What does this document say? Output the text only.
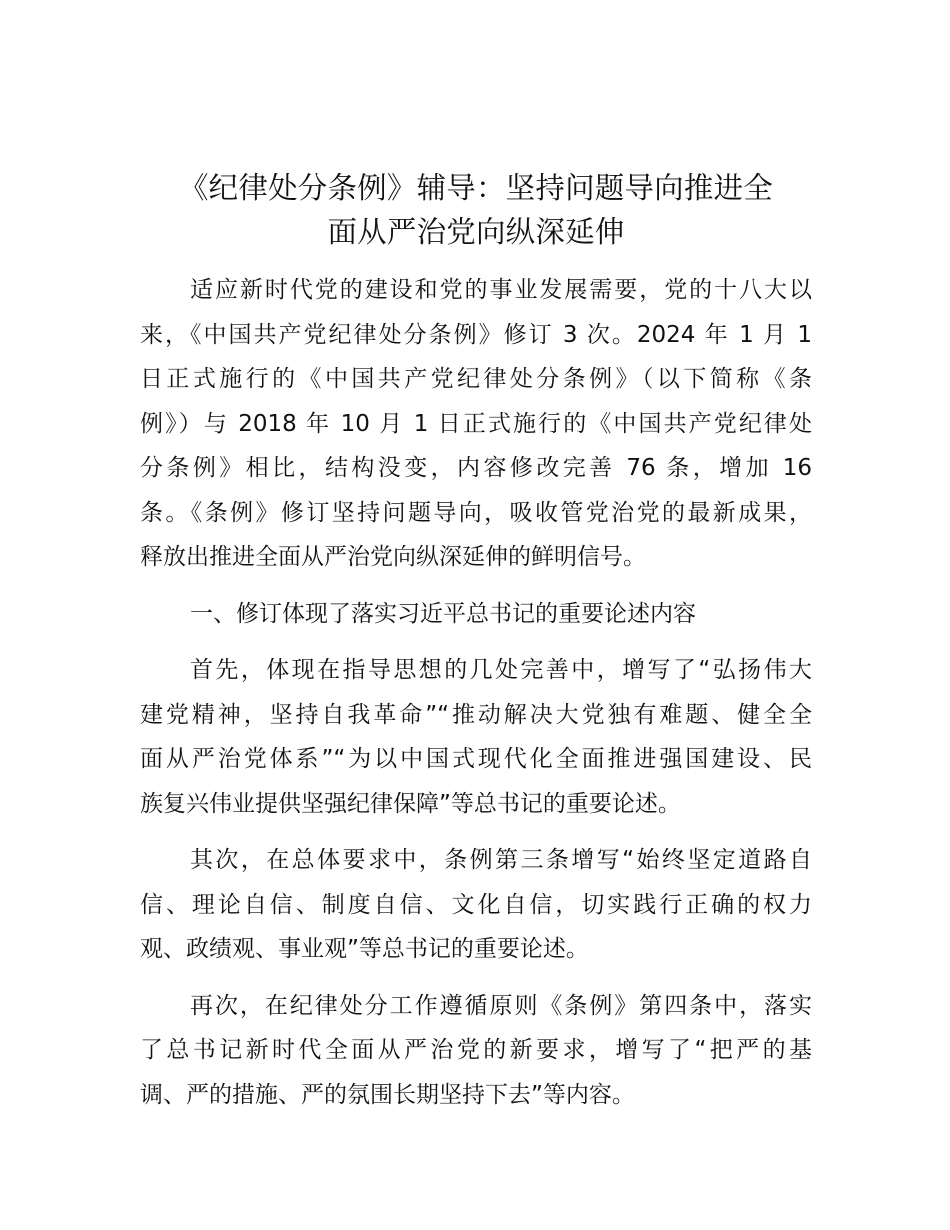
《纪律处分条例》辅导：坚持问题导向推进全
面从严治党向纵深延伸

适应新时代党的建设和党的事业发展需要，党的十八大以
来，《中国共产党纪律处分条例》修订 3 次。2024 年 1 月 1
日正式施行的《中国共产党纪律处分条例》（以下简称《条
例》）与 2018 年 10 月 1 日正式施行的《中国共产党纪律处
分条例》相比，结构没变，内容修改完善 76 条，增加 16
条。《条例》修订坚持问题导向，吸收管党治党的最新成果，
释放出推进全面从严治党向纵深延伸的鲜明信号。

一、修订体现了落实习近平总书记的重要论述内容

首先，体现在指导思想的几处完善中，增写了“弘扬伟大
建党精神，坚持自我革命”“推动解决大党独有难题、健全全
面从严治党体系”“为以中国式现代化全面推进强国建设、民
族复兴伟业提供坚强纪律保障”等总书记的重要论述。

其次，在总体要求中，条例第三条增写“始终坚定道路自
信、理论自信、制度自信、文化自信，切实践行正确的权力
观、政绩观、事业观”等总书记的重要论述。

再次，在纪律处分工作遵循原则《条例》第四条中，落实
了总书记新时代全面从严治党的新要求，增写了“把严的基
调、严的措施、严的氛围长期坚持下去”等内容。
